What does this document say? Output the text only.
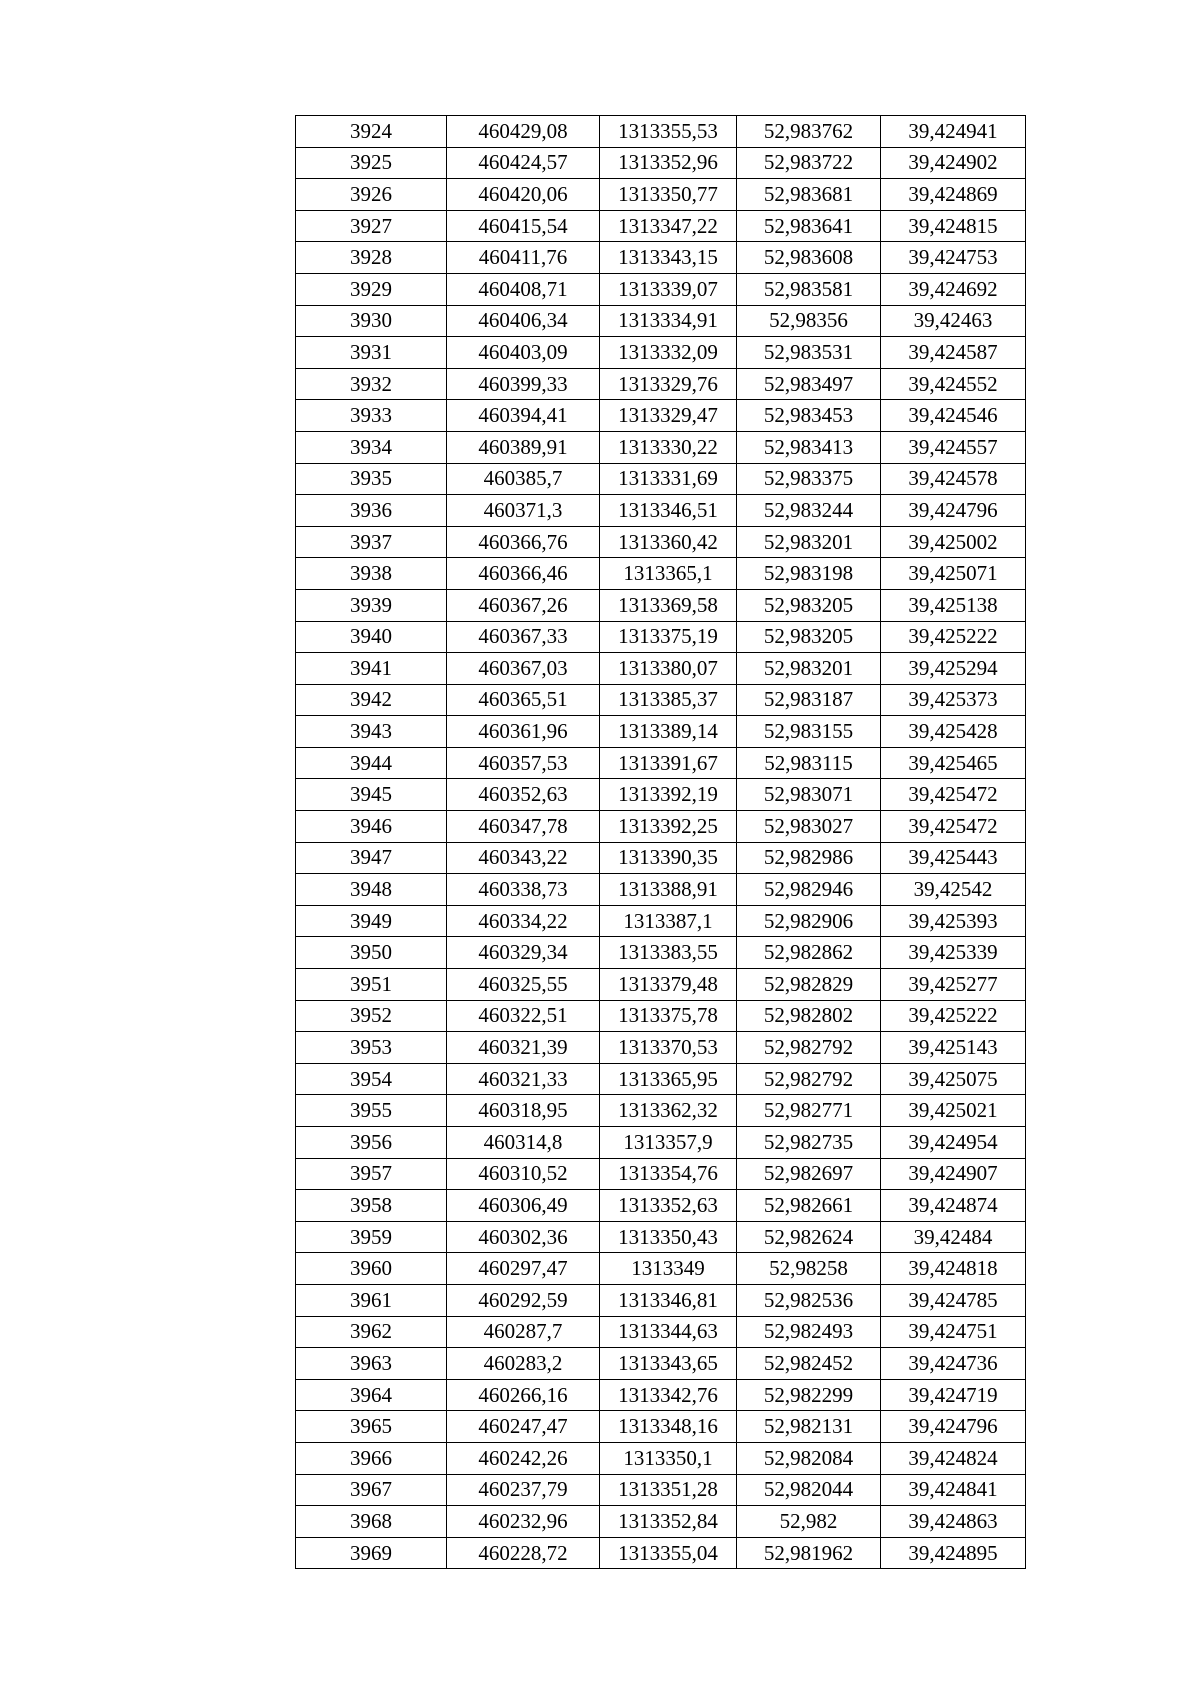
3924	460429,08	1313355,53	52,983762	39,424941
3925	460424,57	1313352,96	52,983722	39,424902
3926	460420,06	1313350,77	52,983681	39,424869
3927	460415,54	1313347,22	52,983641	39,424815
3928	460411,76	1313343,15	52,983608	39,424753
3929	460408,71	1313339,07	52,983581	39,424692
3930	460406,34	1313334,91	52,98356	39,42463
3931	460403,09	1313332,09	52,983531	39,424587
3932	460399,33	1313329,76	52,983497	39,424552
3933	460394,41	1313329,47	52,983453	39,424546
3934	460389,91	1313330,22	52,983413	39,424557
3935	460385,7	1313331,69	52,983375	39,424578
3936	460371,3	1313346,51	52,983244	39,424796
3937	460366,76	1313360,42	52,983201	39,425002
3938	460366,46	1313365,1	52,983198	39,425071
3939	460367,26	1313369,58	52,983205	39,425138
3940	460367,33	1313375,19	52,983205	39,425222
3941	460367,03	1313380,07	52,983201	39,425294
3942	460365,51	1313385,37	52,983187	39,425373
3943	460361,96	1313389,14	52,983155	39,425428
3944	460357,53	1313391,67	52,983115	39,425465
3945	460352,63	1313392,19	52,983071	39,425472
3946	460347,78	1313392,25	52,983027	39,425472
3947	460343,22	1313390,35	52,982986	39,425443
3948	460338,73	1313388,91	52,982946	39,42542
3949	460334,22	1313387,1	52,982906	39,425393
3950	460329,34	1313383,55	52,982862	39,425339
3951	460325,55	1313379,48	52,982829	39,425277
3952	460322,51	1313375,78	52,982802	39,425222
3953	460321,39	1313370,53	52,982792	39,425143
3954	460321,33	1313365,95	52,982792	39,425075
3955	460318,95	1313362,32	52,982771	39,425021
3956	460314,8	1313357,9	52,982735	39,424954
3957	460310,52	1313354,76	52,982697	39,424907
3958	460306,49	1313352,63	52,982661	39,424874
3959	460302,36	1313350,43	52,982624	39,42484
3960	460297,47	1313349	52,98258	39,424818
3961	460292,59	1313346,81	52,982536	39,424785
3962	460287,7	1313344,63	52,982493	39,424751
3963	460283,2	1313343,65	52,982452	39,424736
3964	460266,16	1313342,76	52,982299	39,424719
3965	460247,47	1313348,16	52,982131	39,424796
3966	460242,26	1313350,1	52,982084	39,424824
3967	460237,79	1313351,28	52,982044	39,424841
3968	460232,96	1313352,84	52,982	39,424863
3969	460228,72	1313355,04	52,981962	39,424895
